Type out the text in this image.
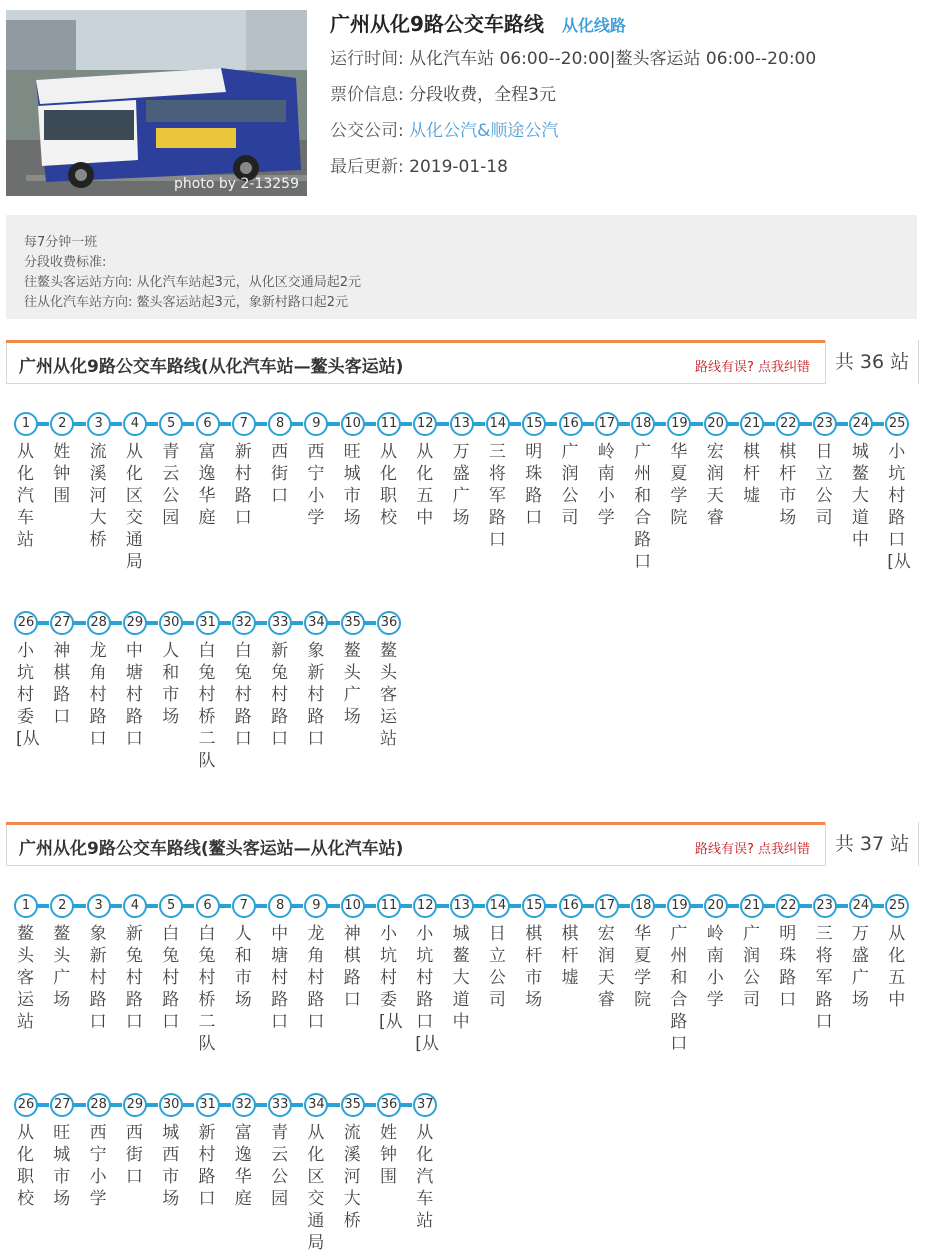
photo by 2-13259
广州从化9路公交车路线 从化线路
运行时间: 从化汽车站 06:00--20:00|鳌头客运站 06:00--20:00
票价信息: 分段收费，全程3元
公交公司: 从化公汽&顺途公汽
最后更新: 2019-01-18
每7分钟一班
分段收费标准:
往鳌头客运站方向: 从化汽车站起3元，从化区交通局起2元
往从化汽车站方向: 鳌头客运站起3元，象新村路口起2元
广州从化9路公交车路线(从化汽车站—鳌头客运站)	路线有误? 点我纠错	共 36 站
1
从化汽车站
2
姓钟围
3
流溪河大桥
4
从化区交通局
5
青云公园
6
富逸华庭
7
新村路口
8
西街口
9
西宁小学
10
旺城市场
11
从化职校
12
从化五中
13
万盛广场
14
三将军路口
15
明珠路口
16
广润公司
17
岭南小学
18
广州和合路口
19
华夏学院
20
宏润天睿
21
棋杆墟
22
棋杆市场
23
日立公司
24
城鳌大道中
25
小坑村路口[从
26
小坑村委[从
27
神棋路口
28
龙角村路口
29
中塘村路口
30
人和市场
31
白兔村桥二队
32
白兔村路口
33
新兔村路口
34
象新村路口
35
鳌头广场
36
鳌头客运站
广州从化9路公交车路线(鳌头客运站—从化汽车站)	路线有误? 点我纠错	共 37 站
1
鳌头客运站
2
鳌头广场
3
象新村路口
4
新兔村路口
5
白兔村路口
6
白兔村桥二队
7
人和市场
8
中塘村路口
9
龙角村路口
10
神棋路口
11
小坑村委[从
12
小坑村路口[从
13
城鳌大道中
14
日立公司
15
棋杆市场
16
棋杆墟
17
宏润天睿
18
华夏学院
19
广州和合路口
20
岭南小学
21
广润公司
22
明珠路口
23
三将军路口
24
万盛广场
25
从化五中
26
从化职校
27
旺城市场
28
西宁小学
29
西街口
30
城西市场
31
新村路口
32
富逸华庭
33
青云公园
34
从化区交通局
35
流溪河大桥
36
姓钟围
37
从化汽车站
